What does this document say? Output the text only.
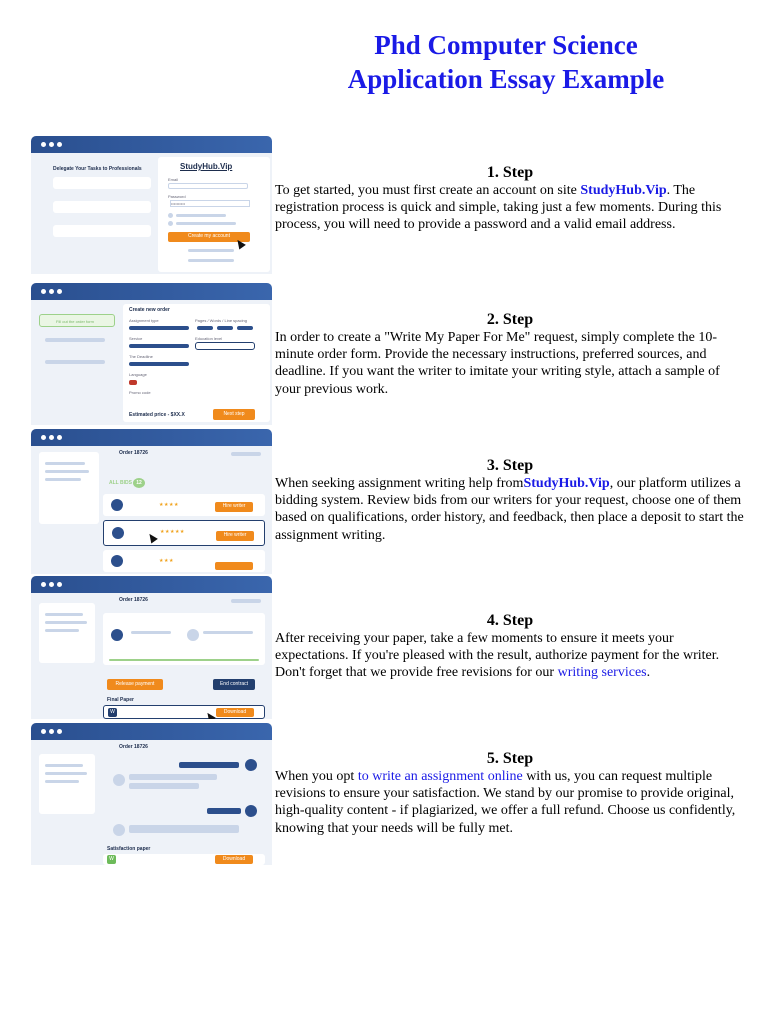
Phd Computer Science
Application Essay Example
Delegate Your Tasks to Professionals	StudyHub.Vip
Email
Password
••••••••••
Create my account
Fill out the order form
Create new order
Assignment type	Pages / Words / Line spacing
Service	Education level
The Deadline
Language
Promo code
Estimated price - $XX.X	Next step
Order 18726
ALL BIDS 12
★★★★	Hire writer
★★★★★	Hire writer
★★★
Order 18726
Release payment	End contract
Final Paper
W	Download
Order 18726
Satisfaction paper
W	Download
1. Step

To get started, you must first create an account on site StudyHub.Vip. The registration process is quick and simple, taking just a few moments. During this process, you will need to provide a password and a valid email address.

2. Step

In order to create a "Write My Paper For Me" request, simply complete the 10-minute order form. Provide the necessary instructions, preferred sources, and deadline. If you want the writer to imitate your writing style, attach a sample of your previous work.

3. Step

When seeking assignment writing help fromStudyHub.Vip, our platform utilizes a bidding system. Review bids from our writers for your request, choose one of them based on qualifications, order history, and feedback, then place a deposit to start the assignment writing.

4. Step

After receiving your paper, take a few moments to ensure it meets your expectations. If you're pleased with the result, authorize payment for the writer. Don't forget that we provide free revisions for our writing services.

5. Step

When you opt to write an assignment online with us, you can request multiple revisions to ensure your satisfaction. We stand by our promise to provide original, high-quality content - if plagiarized, we offer a full refund. Choose us confidently, knowing that your needs will be fully met.
